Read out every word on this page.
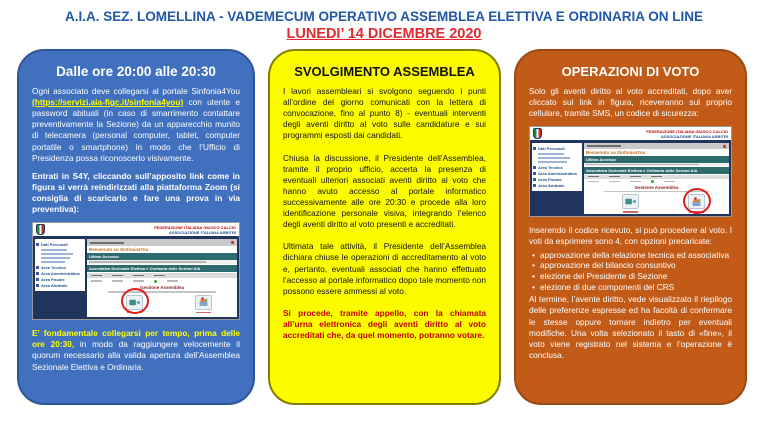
A.I.A. SEZ. LOMELLINA - VADEMECUM OPERATIVO ASSEMBLEA ELETTIVA E ORDINARIA ON LINE
LUNEDI’ 14 DICEMBRE 2020
Dalle ore 20:00 alle 20:30
Ogni associato deve collegarsi al portale Sinfonia4You (https://servizi.aia-figc.it/sinfonia4you) con utente e password abituali (in caso di smarrimento contattare preventivamente la Sezione) da un apparecchio munito di telecamera (personal computer, tablet, computer portatile o smartphone) in modo che l’Ufficio di Presidenza possa riconoscerlo visivamente.
Entrati in S4Y, cliccando sull’apposito link come in figura si verrà reindirizzati alla piattaforma Zoom (si consiglia di scaricarlo e fare una prova in via preventiva):
FEDERAZIONE ITALIANA GIUOCO CALCIO
ASSOCIAZIONE ITALIANA ARBITRI
Dati Personali
Area Tecnica
Area Amministrativa
Area Fiscale
Area Arbitrale
Benvenuto su Sinfonia4You
Ultimo Accesso
Assemblea Sezionale Elettiva e Ordinaria delle Sezioni AIA
Gestione Assemblea
E’ fondamentale collegarsi per tempo, prima delle ore 20:30, in modo da raggiungere velocemente il quorum necessario alla valida apertura dell’Assemblea Sezionale Elettiva e Ordinaria.
SVOLGIMENTO ASSEMBLEA
I lavori assembleari si svolgono seguendo i punti all’ordine del giorno comunicati con la lettera di convocazione, fino al punto 8) - eventuali interventi degli aventi diritto al voto sulle candidature e sui programmi esposti dai candidati.
Chiusa la discussione, il Presidente dell’Assemblea, tramite il proprio ufficio, accerta la presenza di eventuali ulteriori associati aventi diritto al voto che hanno avuto accesso al portale informatico successivamente alle ore 20:30 e procede alla loro identificazione personale visiva, integrando l’elenco degli aventi diritto al voto presenti e accreditati.
Ultimata tale attività, il Presidente dell’Assemblea dichiara chiuse le operazioni di accreditamento al voto e, pertanto, eventuali associati che hanno effettuato l’accesso al portale informatico dopo tale momento non possono essere ammessi al voto.
Si procede, tramite appello, con la chiamata all’urna elettronica degli aventi diritto al voto accreditati che, da quel momento, potranno votare.
OPERAZIONI DI VOTO
Solo gli aventi diritto al voto accreditati, dopo aver cliccato sul link in figura, riceveranno sul proprio cellulare, tramite SMS, un codice di sicurezza:
FEDERAZIONE ITALIANA GIUOCO CALCIO
ASSOCIAZIONE ITALIANA ARBITRI
Dati Personali
Area Tecnica
Area Amministrativa
Area Fiscale
Area Arbitrale
Benvenuto su Sinfonia4You
Ultimo Accesso
Assemblea Sezionale Elettiva e Ordinaria delle Sezioni AIA
Gestione Assemblea
Inserendo il codice ricevuto, si può procedere al voto. I voti da esprimere sono 4, con opzioni precaricate:
• approvazione della relazione tecnica ed associativa
• approvazione del bilancio consuntivo
• elezione del Presidente di Sezione
• elezione di due componenti del CRS
Al termine, l’avente diritto, vede visualizzato il riepilogo delle preferenze espresse ed ha facoltà di confermare le stesse oppure tornare indietro per eventuali modifiche. Una volta selezionato il tasto di «fine», il voto viene registrato nel sistema e l’operazione è conclusa.
